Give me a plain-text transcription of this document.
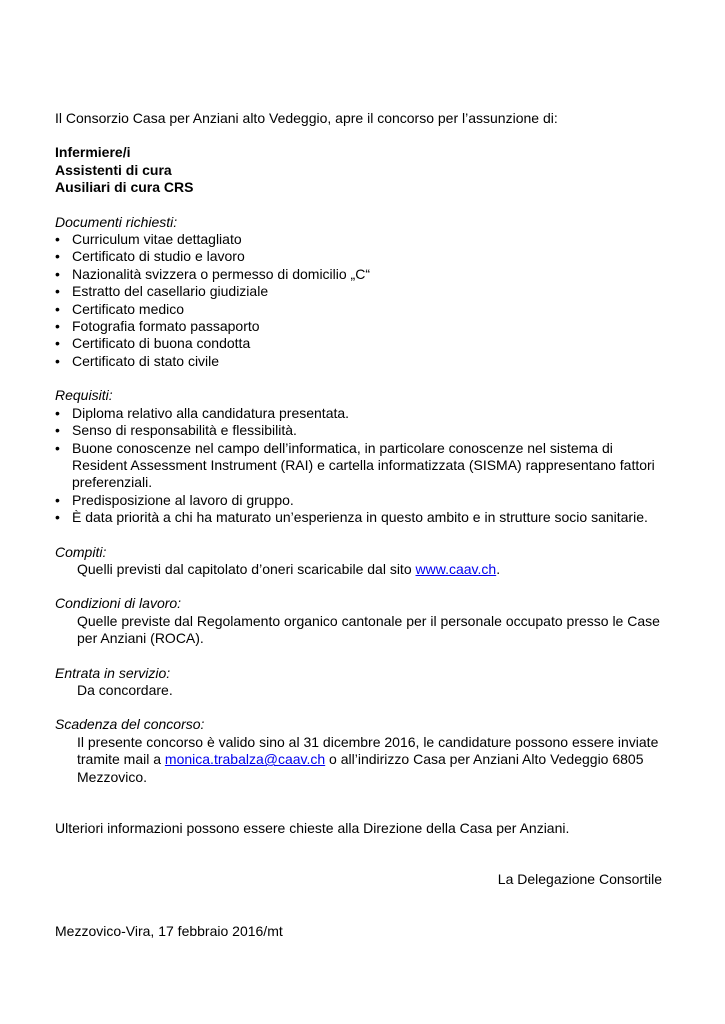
Il Consorzio Casa per Anziani alto Vedeggio, apre il concorso per l’assunzione di:

Infermiere/i
Assistenti di cura
Ausiliari di cura CRS
Documenti richiesti:
• Curriculum vitae dettagliato
• Certificato di studio e lavoro
• Nazionalità svizzera o permesso di domicilio „C“
• Estratto del casellario giudiziale
• Certificato medico
• Fotografia formato passaporto
• Certificato di buona condotta
• Certificato di stato civile
Requisiti:
• Diploma relativo alla candidatura presentata.
• Senso di responsabilità e flessibilità.
• Buone conoscenze nel campo dell’informatica, in particolare conoscenze nel sistema di Resident Assessment Instrument (RAI) e cartella informatizzata (SISMA) rappresentano fattori preferenziali.
• Predisposizione al lavoro di gruppo.
• È data priorità a chi ha maturato un’esperienza in questo ambito e in strutture socio sanitarie.
Compiti:

Quelli previsti dal capitolato d’oneri scaricabile dal sito www.caav.ch.

Condizioni di lavoro:

Quelle previste dal Regolamento organico cantonale per il personale occupato presso le Case per Anziani (ROCA).

Entrata in servizio:

Da concordare.

Scadenza del concorso:

Il presente concorso è valido sino al 31 dicembre 2016, le candidature possono essere inviate tramite mail a monica.trabalza@caav.ch o all’indirizzo Casa per Anziani Alto Vedeggio 6805 Mezzovico.

Ulteriori informazioni possono essere chieste alla Direzione della Casa per Anziani.

La Delegazione Consortile

Mezzovico-Vira, 17 febbraio 2016/mt
